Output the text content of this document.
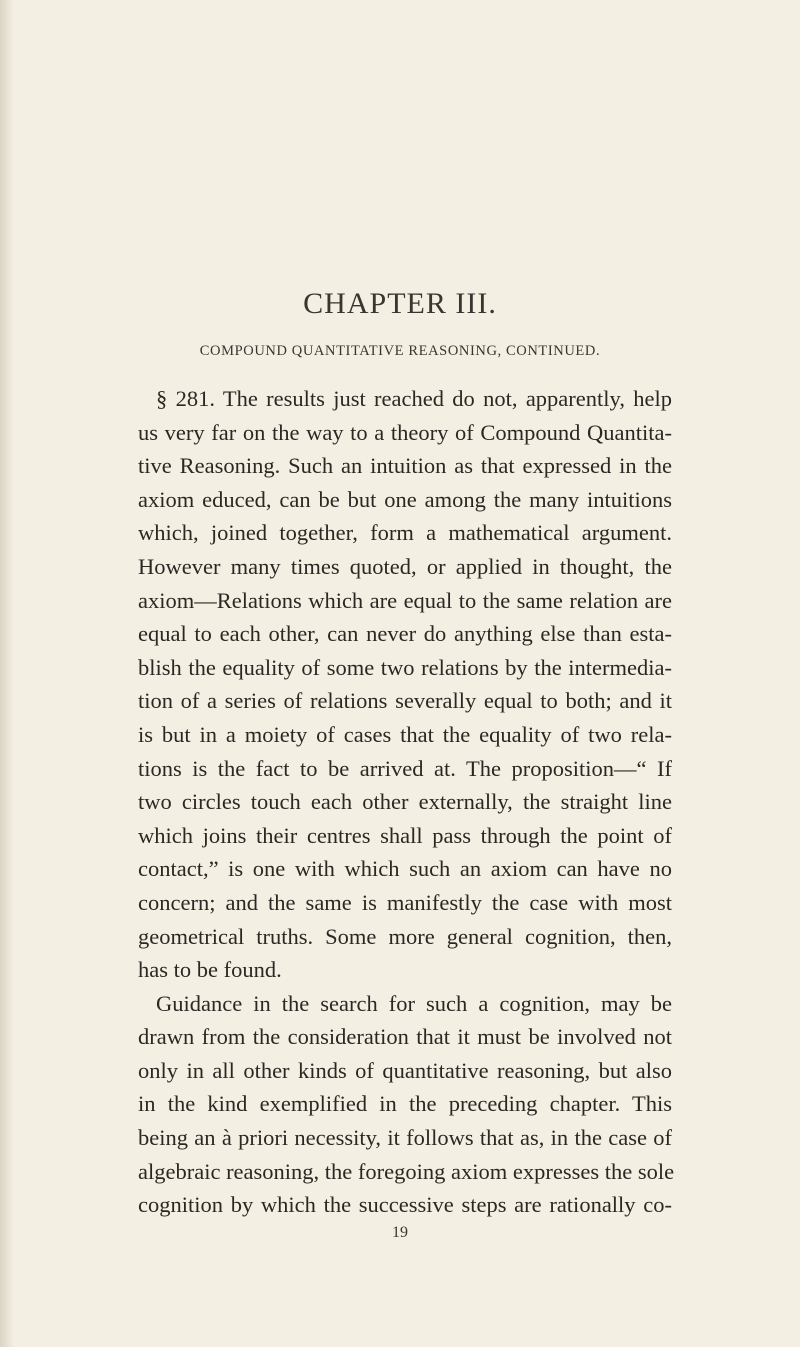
CHAPTER III.
COMPOUND QUANTITATIVE REASONING, CONTINUED.
§ 281. The results just reached do not, apparently, help
us very far on the way to a theory of Compound Quantita-
tive Reasoning. Such an intuition as that expressed in the
axiom educed, can be but one among the many intuitions
which, joined together, form a mathematical argument.
However many times quoted, or applied in thought, the
axiom—Relations which are equal to the same relation are
equal to each other, can never do anything else than esta-
blish the equality of some two relations by the intermedia-
tion of a series of relations severally equal to both; and it
is but in a moiety of cases that the equality of two rela-
tions is the fact to be arrived at. The proposition—“ If
two circles touch each other externally, the straight line
which joins their centres shall pass through the point of
contact,” is one with which such an axiom can have no
concern; and the same is manifestly the case with most
geometrical truths. Some more general cognition, then,
has to be found.
Guidance in the search for such a cognition, may be
drawn from the consideration that it must be involved not
only in all other kinds of quantitative reasoning, but also
in the kind exemplified in the preceding chapter. This
being an à priori necessity, it follows that as, in the case of
algebraic reasoning, the foregoing axiom expresses the sole
cognition by which the successive steps are rationally co-
19
